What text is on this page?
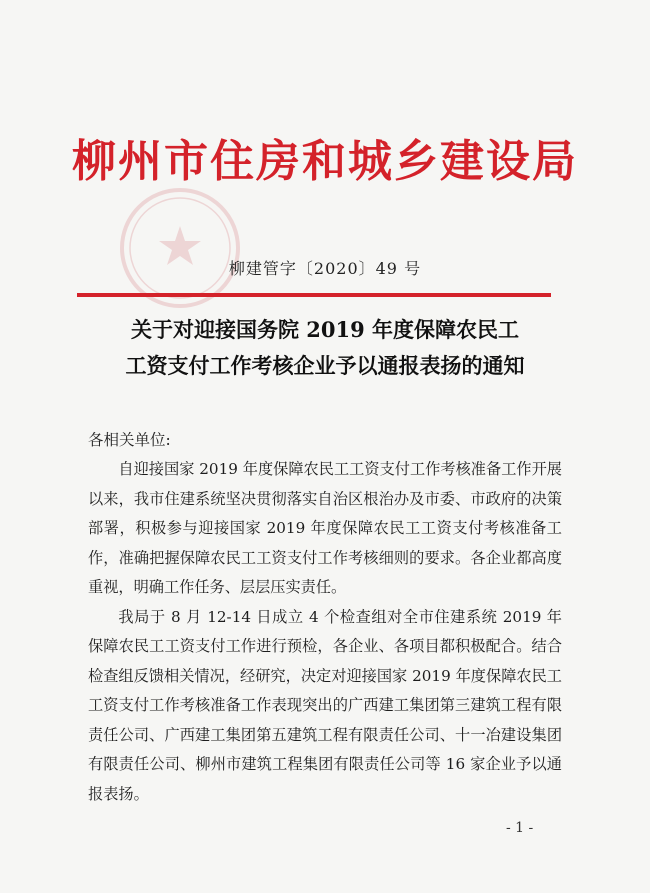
柳州市住房和城乡建设局
柳建管字〔2020〕49 号
关于对迎接国务院 2019 年度保障农民工
工资支付工作考核企业予以通报表扬的通知
各相关单位:

自迎接国家 2019 年度保障农民工工资支付工作考核准备工作开展以来，我市住建系统坚决贯彻落实自治区根治办及市委、市政府的决策部署，积极参与迎接国家 2019 年度保障农民工工资支付考核准备工作，准确把握保障农民工工资支付工作考核细则的要求。各企业都高度重视，明确工作任务、层层压实责任。

我局于 8 月 12-14 日成立 4 个检查组对全市住建系统 2019 年保障农民工工资支付工作进行预检，各企业、各项目都积极配合。结合检查组反馈相关情况，经研究，决定对迎接国家 2019 年度保障农民工工资支付工作考核准备工作表现突出的广西建工集团第三建筑工程有限责任公司、广西建工集团第五建筑工程有限责任公司、十一冶建设集团有限责任公司、柳州市建筑工程集团有限责任公司等 16 家企业予以通报表扬。

- 1 -
